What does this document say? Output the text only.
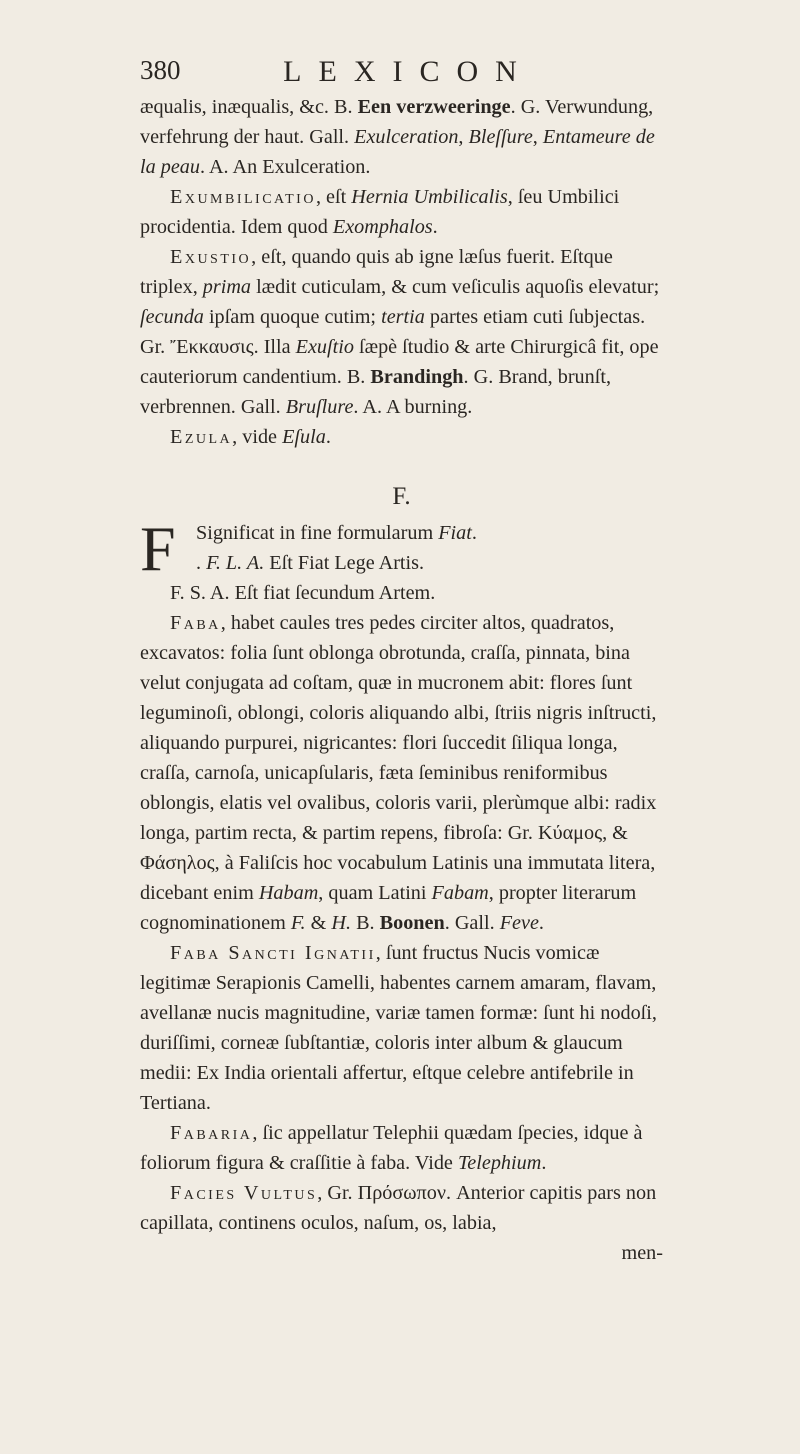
380	LEXICON

æqualis, inæqualis, &c. B. Een verzweeringe. G. Verwundung, verfehrung der haut. Gall. Exulceration, Bleſſure, Entameure de la peau. A. An Exulceration.

Exumbilicatio, eſt Hernia Umbilicalis, ſeu Umbilici procidentia. Idem quod Exomphalos.

Exustio, eſt, quando quis ab igne læſus fuerit. Eſtque triplex, prima lædit cuticulam, & cum veſiculis aquoſis elevatur; ſecunda ipſam quoque cutim; tertia partes etiam cuti ſubjectas. Gr. Ἔκκαυσις. Illa Exuſtio ſæpè ſtudio & arte Chirurgicâ fit, ope cauteriorum candentium. B. Brandingh. G. Brand, brunſt, verbrennen. Gall. Bruſlure. A. A burning.

Ezula, vide Eſula.

F.
F Significat in fine formularum Fiat.
. F. L. A. Eſt Fiat Lege Artis.

F. S. A. Eſt fiat ſecundum Artem.

Faba, habet caules tres pedes circiter altos, quadratos, excavatos: folia ſunt oblonga obrotunda, craſſa, pinnata, bina velut conjugata ad coſtam, quæ in mucronem abit: flores ſunt leguminoſi, oblongi, coloris aliquando albi, ſtriis nigris inſtructi, aliquando purpurei, nigricantes: flori ſuccedit ſiliqua longa, craſſa, carnoſa, unicapſularis, fæta ſeminibus reniformibus oblongis, elatis vel ovalibus, coloris varii, plerùmque albi: radix longa, partim recta, & partim repens, fibroſa: Gr. Κύαμος, & Φάσηλος, à Faliſcis hoc vocabulum Latinis una immutata litera, dicebant enim Habam, quam Latini Fabam, propter literarum cognominationem F. & H. B. Boonen. Gall. Feve.

Faba Sancti Ignatii, ſunt fructus Nucis vomicæ legitimæ Serapionis Camelli, habentes carnem amaram, flavam, avellanæ nucis magnitudine, variæ tamen formæ: ſunt hi nodoſi, duriſſimi, corneæ ſubſtantiæ, coloris inter album & glaucum medii: Ex India orientali affertur, eſtque celebre antifebrile in Tertiana.

Fabaria, ſic appellatur Telephii quædam ſpecies, idque à foliorum figura & craſſitie à faba. Vide Telephium.

Facies Vultus, Gr. Πρόσωπον. Anterior capitis pars non capillata, continens oculos, naſum, os, labia,

men-
